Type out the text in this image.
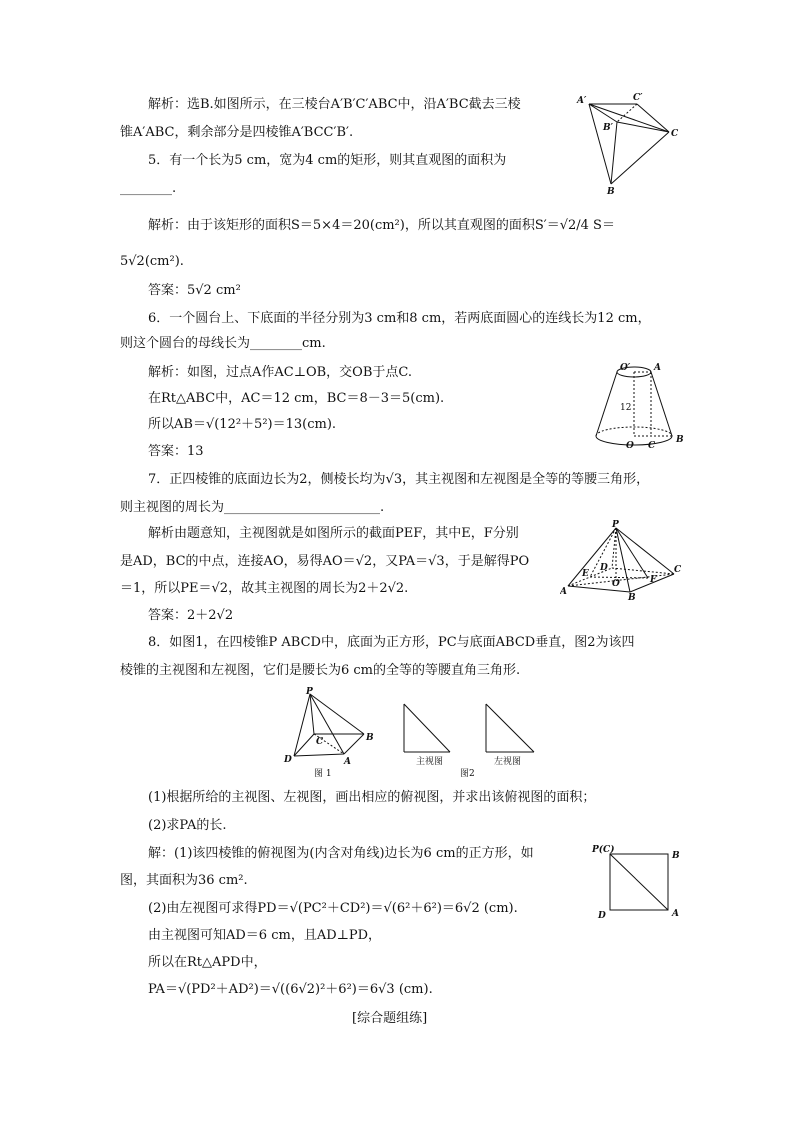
解析：选B.如图所示，在三棱台A′B′C′ABC中，沿A′BC截去三棱
锥A′ABC，剩余部分是四棱锥A′BCC′B′.
5．有一个长为5 cm，宽为4 cm的矩形，则其直观图的面积为
________.
解析：由于该矩形的面积S＝5×4＝20(cm²)，所以其直观图的面积S′＝√2/4 S＝
5√2(cm²).
答案：5√2 cm²
6．一个圆台上、下底面的半径分别为3 cm和8 cm，若两底面圆心的连线长为12 cm，
则这个圆台的母线长为________cm.
解析：如图，过点A作AC⊥OB，交OB于点C.
在Rt△ABC中，AC＝12 cm，BC＝8－3＝5(cm).
所以AB＝√(12²＋5²)＝13(cm).
答案：13
7．正四棱锥的底面边长为2，侧棱长均为√3，其主视图和左视图是全等的等腰三角形，
则主视图的周长为________________________.
解析由题意知，主视图就是如图所示的截面PEF，其中E，F分别
是AD，BC的中点，连接AO，易得AO＝√2，又PA＝√3，于是解得PO
＝1，所以PE＝√2，故其主视图的周长为2＋2√2.
答案：2＋2√2
8．如图1，在四棱锥P ABCD中，底面为正方形，PC与底面ABCD垂直，图2为该四
棱锥的主视图和左视图，它们是腰长为6 cm的全等的等腰直角三角形.
(1)根据所给的主视图、左视图，画出相应的俯视图，并求出该俯视图的面积；
(2)求PA的长.
解：(1)该四棱锥的俯视图为(内含对角线)边长为6 cm的正方形，如
图，其面积为36 cm².
(2)由左视图可求得PD＝√(PC²＋CD²)＝√(6²＋6²)＝6√2 (cm).
由主视图可知AD＝6 cm，且AD⊥PD，
所以在Rt△APD中，
PA＝√(PD²＋AD²)＝√((6√2)²＋6²)＝6√3 (cm).
[综合题组练]
A′	C′
B′
C
B
O′	A
12
O C
B
P
E
D
O	F
C
A
B
P
C	B
D	A
图 1
主视图
图2
左视图
P(C)
B
D	A
